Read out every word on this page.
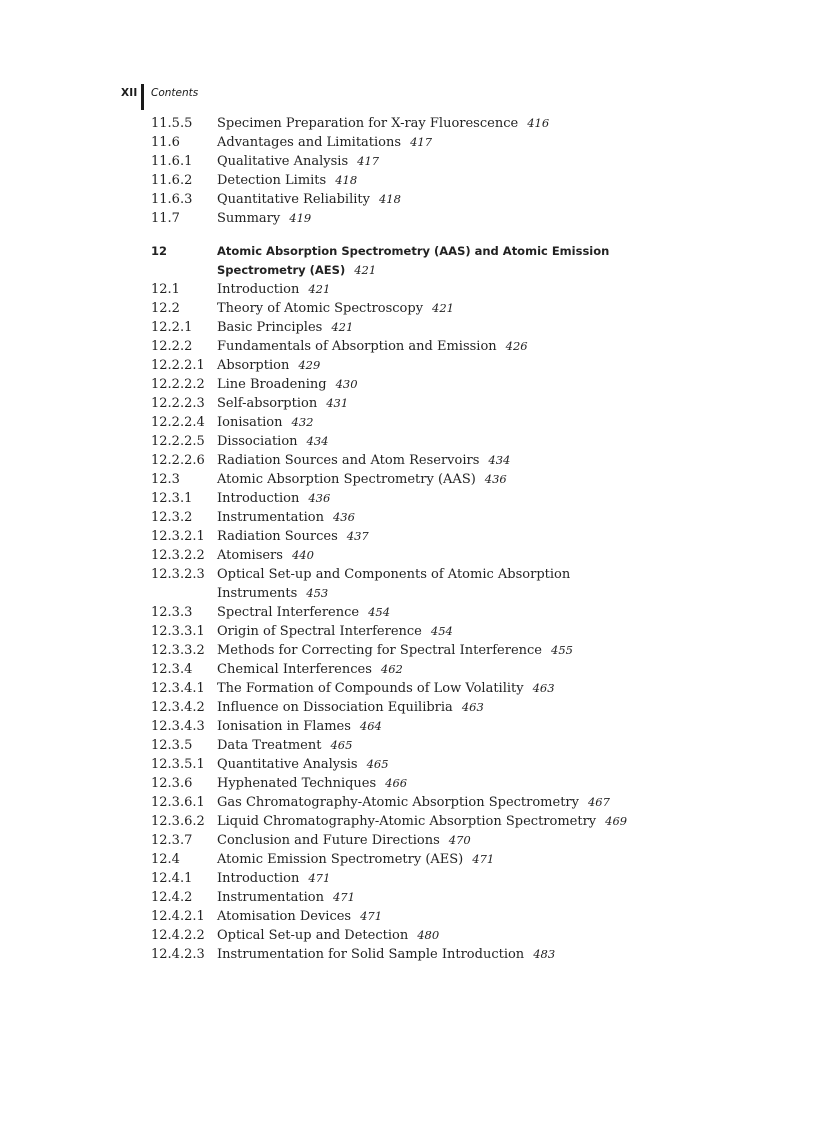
XII Contents
11.5.5 Specimen Preparation for X-ray Fluorescence 416
11.6	Advantages and Limitations 417
11.6.1 Qualitative Analysis 417
11.6.2 Detection Limits 418
11.6.3 Quantitative Reliability 418
11.7	Summary 419
12	Atomic Absorption Spectrometry (AAS) and Atomic Emission Spectrometry (AES) 421
12.1	Introduction 421
12.2	Theory of Atomic Spectroscopy 421
12.2.1 Basic Principles 421
12.2.2 Fundamentals of Absorption and Emission 426
12.2.2.1 Absorption 429
12.2.2.2 Line Broadening 430
12.2.2.3 Self-absorption 431
12.2.2.4 Ionisation 432
12.2.2.5 Dissociation 434
12.2.2.6 Radiation Sources and Atom Reservoirs 434
12.3	Atomic Absorption Spectrometry (AAS) 436
12.3.1 Introduction 436
12.3.2 Instrumentation 436
12.3.2.1 Radiation Sources 437
12.3.2.2 Atomisers 440
12.3.2.3 Optical Set-up and Components of Atomic Absorption Instruments 453
12.3.3 Spectral Interference 454
12.3.3.1 Origin of Spectral Interference 454
12.3.3.2 Methods for Correcting for Spectral Interference 455
12.3.4 Chemical Interferences 462
12.3.4.1 The Formation of Compounds of Low Volatility 463
12.3.4.2 Influence on Dissociation Equilibria 463
12.3.4.3 Ionisation in Flames 464
12.3.5 Data Treatment 465
12.3.5.1 Quantitative Analysis 465
12.3.6 Hyphenated Techniques 466
12.3.6.1 Gas Chromatography-Atomic Absorption Spectrometry 467
12.3.6.2 Liquid Chromatography-Atomic Absorption Spectrometry 469
12.3.7 Conclusion and Future Directions 470
12.4	Atomic Emission Spectrometry (AES) 471
12.4.1 Introduction 471
12.4.2 Instrumentation 471
12.4.2.1 Atomisation Devices 471
12.4.2.2 Optical Set-up and Detection 480
12.4.2.3 Instrumentation for Solid Sample Introduction 483
